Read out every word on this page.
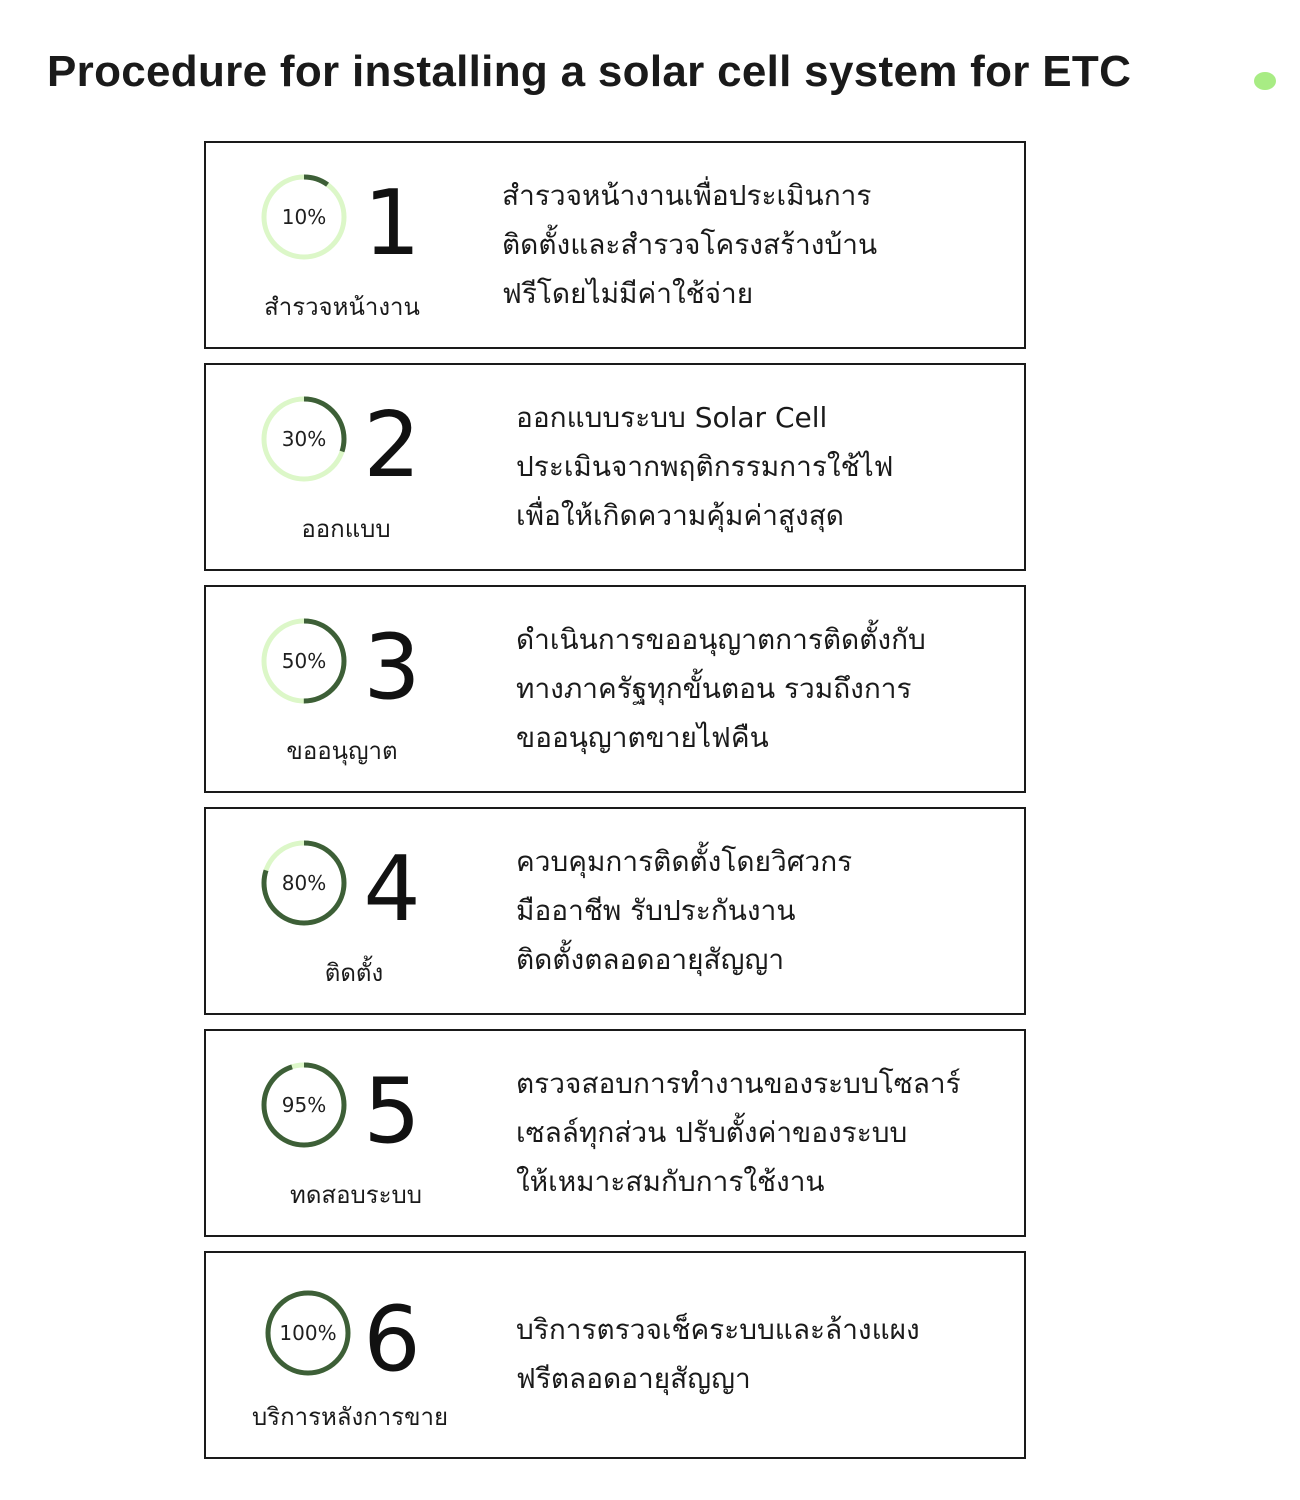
Procedure for installing a solar cell system for ETC
10% 1
สำรวจหน้างาน
สำรวจหน้างานเพื่อประเมินการ
ติดตั้งและสำรวจโครงสร้างบ้าน
ฟรีโดยไม่มีค่าใช้จ่าย
30% 2
ออกแบบ
ออกแบบระบบ Solar Cell
ประเมินจากพฤติกรรมการใช้ไฟ
เพื่อให้เกิดความคุ้มค่าสูงสุด
50% 3
ขออนุญาต
ดำเนินการขออนุญาตการติดตั้งกับ
ทางภาครัฐทุกขั้นตอน รวมถึงการ
ขออนุญาตขายไฟคืน
80% 4
ติดตั้ง
ควบคุมการติดตั้งโดยวิศวกร
มืออาชีพ รับประกันงาน
ติดตั้งตลอดอายุสัญญา
95% 5
ทดสอบระบบ
ตรวจสอบการทำงานของระบบโซลาร์
เซลล์ทุกส่วน ปรับตั้งค่าของระบบ
ให้เหมาะสมกับการใช้งาน
100% 6
บริการหลังการขาย
บริการตรวจเช็คระบบและล้างแผง
ฟรีตลอดอายุสัญญา
